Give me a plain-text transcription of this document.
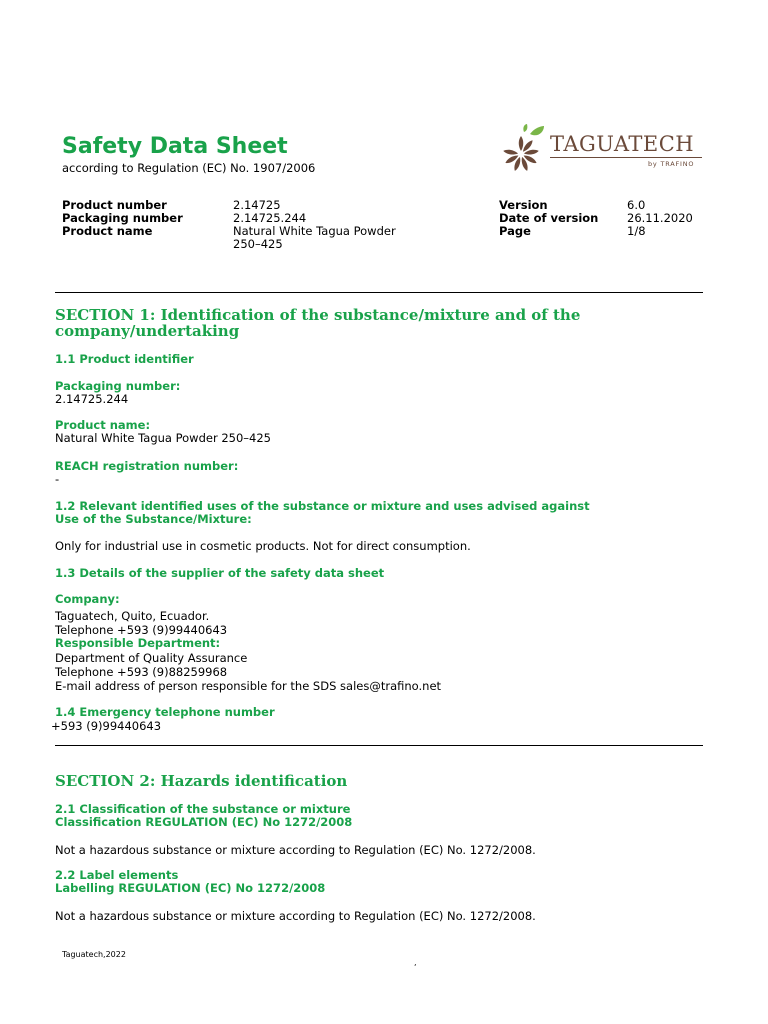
Safety Data Sheet
according to Regulation (EC) No. 1907/2006
TAGUATECH
by TRAFINO
Product number	2.14725
Packaging number	2.14725.244
Product name	Natural White Tagua Powder
250–425
Version	6.0
Date of version 26.11.2020
Page	1/8
SECTION 1: Identification of the substance/mixture and of the
company/undertaking
1.1 Product identifier
Packaging number:
2.14725.244
Product name:
Natural White Tagua Powder 250–425
REACH registration number:
-
1.2 Relevant identified uses of the substance or mixture and uses advised against
Use of the Substance/Mixture:
Only for industrial use in cosmetic products. Not for direct consumption.
1.3 Details of the supplier of the safety data sheet
Company:
Taguatech, Quito, Ecuador.
Telephone +593 (9)99440643
Responsible Department:
Department of Quality Assurance
Telephone +593 (9)88259968
E-mail address of person responsible for the SDS sales@trafino.net
1.4 Emergency telephone number
+593 (9)99440643
SECTION 2: Hazards identification
2.1 Classification of the substance or mixture
Classification REGULATION (EC) No 1272/2008
Not a hazardous substance or mixture according to Regulation (EC) No. 1272/2008.
2.2 Label elements
Labelling REGULATION (EC) No 1272/2008
Not a hazardous substance or mixture according to Regulation (EC) No. 1272/2008.
Taguatech,2022
,
